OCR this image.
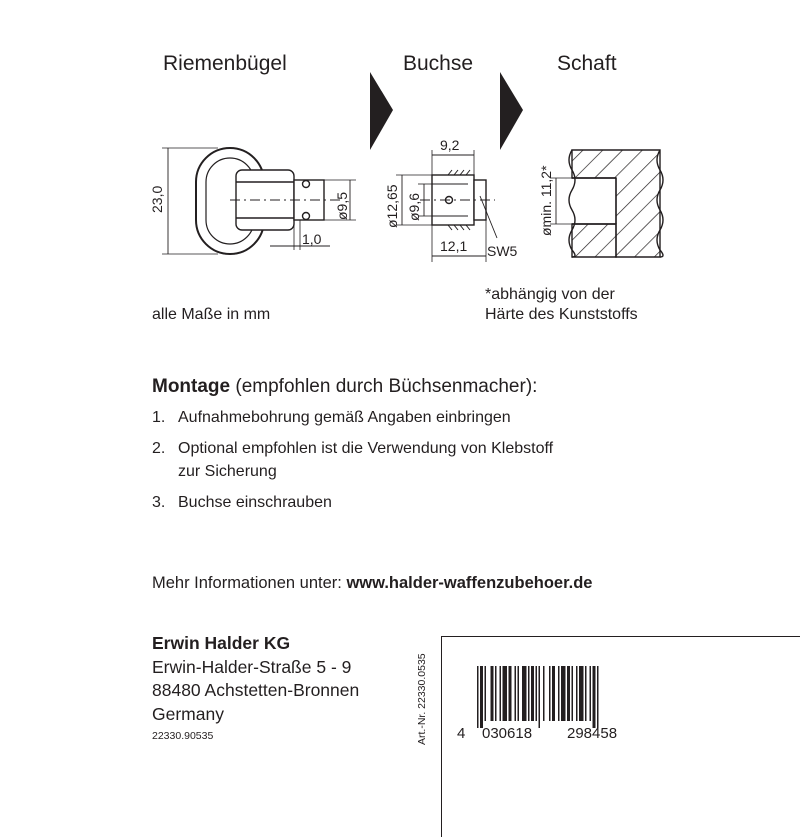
Riemenbügel	Buchse	Schaft
23,0	ø9,5
1,0
9,2
12,1
ø12,65 ø9,6
SW5
ømin. 11,2*
alle Maße in mm
*abhängig von der
Härte des Kunststoffs
Montage (empfohlen durch Büchsenmacher):
1. Aufnahmebohrung gemäß Angaben einbringen
2. Optional empfohlen ist die Verwendung von Klebstoff zur Sicherung
3. Buchse einschrauben
Mehr Informationen unter: www.halder-waffenzubehoer.de
Erwin Halder KG
Erwin-Halder-Straße 5 - 9
88480 Achstetten-Bronnen
Germany
22330.90535	Art.-Nr. 22330.0535 4 030618 298458
